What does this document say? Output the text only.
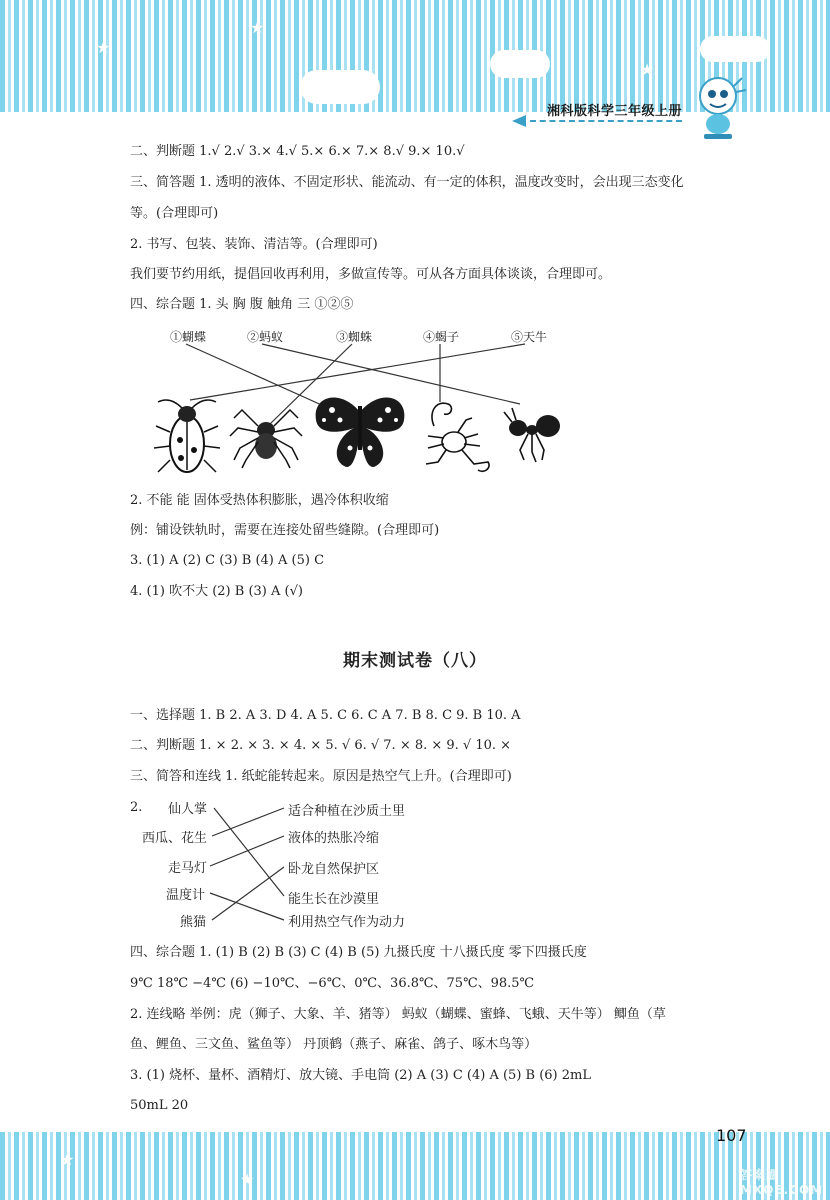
★
★
★
湘科版科学三年级上册
二、判断题 1.√ 2.√ 3.× 4.√ 5.× 6.× 7.× 8.√ 9.× 10.√
三、简答题 1. 透明的液体、不固定形状、能流动、有一定的体积，温度改变时，会出现三态变化
等。(合理即可)
2. 书写、包装、装饰、清洁等。(合理即可)
我们要节约用纸，提倡回收再利用，多做宣传等。可从各方面具体谈谈，合理即可。
四、综合题 1. 头 胸 腹 触角 三 ①②⑤
①蝴蝶	②蚂蚁	③蜘蛛	④蝎子	⑤天牛
2. 不能 能 固体受热体积膨胀，遇冷体积收缩
例：铺设铁轨时，需要在连接处留些缝隙。(合理即可)
3. (1) A (2) C (3) B (4) A (5) C
4. (1) 吹不大 (2) B (3) A (√)
期末测试卷（八）
一、选择题 1. B 2. A 3. D 4. A 5. C 6. C A 7. B 8. C 9. B 10. A
二、判断题 1. × 2. × 3. × 4. × 5. √ 6. √ 7. × 8. × 9. √ 10. ×
三、简答和连线 1. 纸蛇能转起来。原因是热空气上升。(合理即可)
2. 仙人掌
西瓜、花生
走马灯
温度计
熊猫
适合种植在沙质土里
液体的热胀冷缩
卧龙自然保护区
能生长在沙漠里
利用热空气作为动力
四、综合题 1. (1) B (2) B (3) C (4) B (5) 九摄氏度 十八摄氏度 零下四摄氏度
9℃ 18℃ −4℃ (6) −10℃、−6℃、0℃、36.8℃、75℃、98.5℃
2. 连线略 举例：虎（狮子、大象、羊、猪等） 蚂蚁（蝴蝶、蜜蜂、飞蛾、天牛等） 鲫鱼（草
鱼、鲤鱼、三文鱼、鲨鱼等） 丹顶鹤（燕子、麻雀、鸽子、啄木鸟等）
3. (1) 烧杯、量杯、酒精灯、放大镜、手电筒 (2) A (3) C (4) A (5) B (6) 2mL
50mL 20
★
★
107
答案圈 MXQE.COM
